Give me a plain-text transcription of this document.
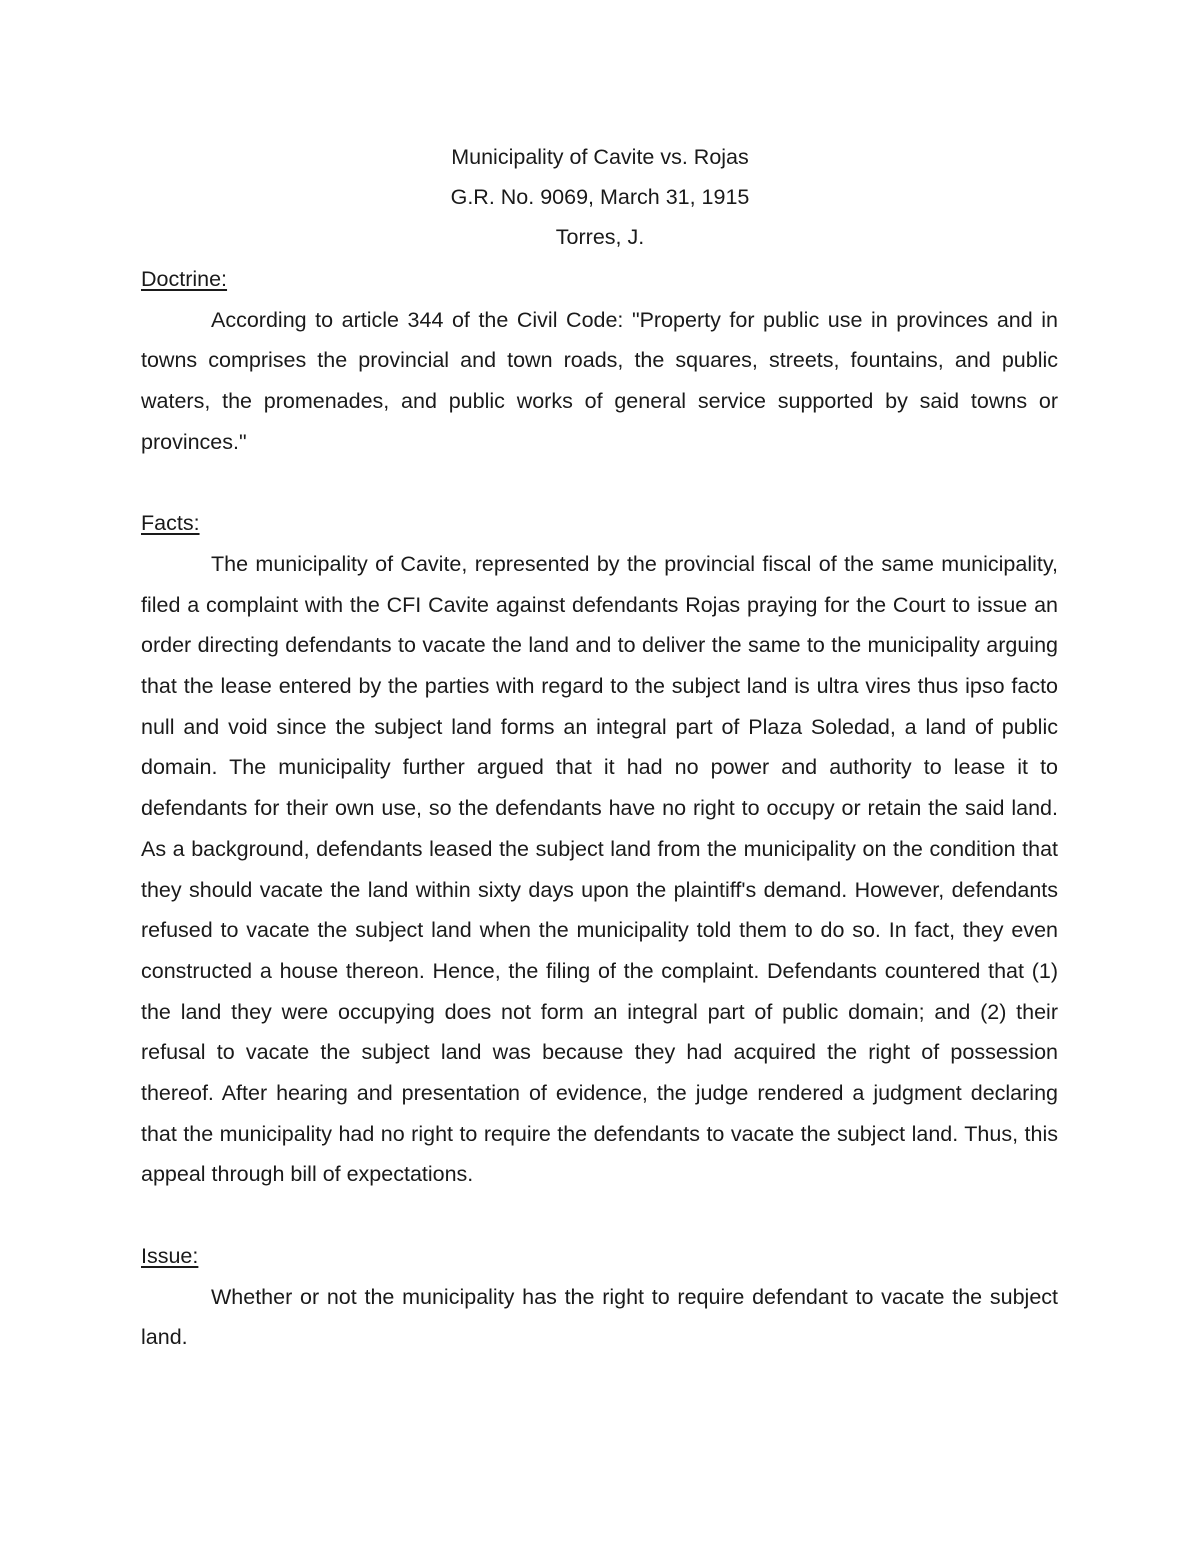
Municipality of Cavite vs. Rojas
G.R. No. 9069, March 31, 1915
Torres, J.
Doctrine:

According to article 344 of the Civil Code: "Property for public use in provinces and in towns comprises the provincial and town roads, the squares, streets, fountains, and public waters, the promenades, and public works of general service supported by said towns or provinces."

Facts:

The municipality of Cavite, represented by the provincial fiscal of the same municipality, filed a complaint with the CFI Cavite against defendants Rojas praying for the Court to issue an order directing defendants to vacate the land and to deliver the same to the municipality arguing that the lease entered by the parties with regard to the subject land is ultra vires thus ipso facto null and void since the subject land forms an integral part of Plaza Soledad, a land of public domain. The municipality further argued that it had no power and authority to lease it to defendants for their own use, so the defendants have no right to occupy or retain the said land. As a background, defendants leased the subject land from the municipality on the condition that they should vacate the land within sixty days upon the plaintiff's demand. However, defendants refused to vacate the subject land when the municipality told them to do so. In fact, they even constructed a house thereon. Hence, the filing of the complaint. Defendants countered that (1) the land they were occupying does not form an integral part of public domain; and (2) their refusal to vacate the subject land was because they had acquired the right of possession thereof. After hearing and presentation of evidence, the judge rendered a judgment declaring that the municipality had no right to require the defendants to vacate the subject land. Thus, this appeal through bill of expectations.

Issue:

Whether or not the municipality has the right to require defendant to vacate the subject land.
